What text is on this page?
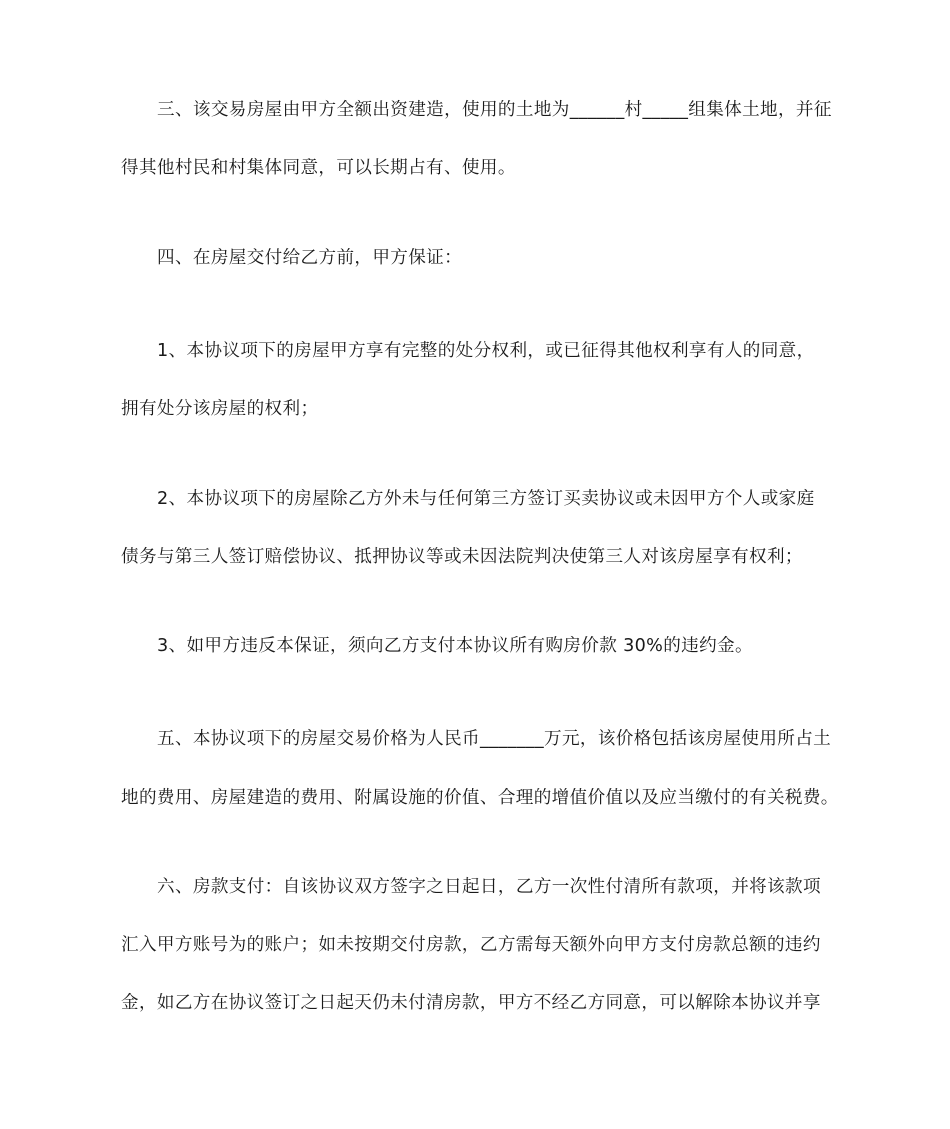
三、该交易房屋由甲方全额出资建造，使用的土地为______村_____组集体土地，并征
得其他村民和村集体同意，可以长期占有、使用。
四、在房屋交付给乙方前，甲方保证：
1、本协议项下的房屋甲方享有完整的处分权利，或已征得其他权利享有人的同意，
拥有处分该房屋的权利；
2、本协议项下的房屋除乙方外未与任何第三方签订买卖协议或未因甲方个人或家庭
债务与第三人签订赔偿协议、抵押协议等或未因法院判决使第三人对该房屋享有权利；
3、如甲方违反本保证，须向乙方支付本协议所有购房价款 30%的违约金。
五、本协议项下的房屋交易价格为人民币_______万元，该价格包括该房屋使用所占土
地的费用、房屋建造的费用、附属设施的价值、合理的增值价值以及应当缴付的有关税费。
六、房款支付：自该协议双方签字之日起日，乙方一次性付清所有款项，并将该款项
汇入甲方账号为的账户；如未按期交付房款，乙方需每天额外向甲方支付房款总额的违约
金，如乙方在协议签订之日起天仍未付清房款，甲方不经乙方同意，可以解除本协议并享
